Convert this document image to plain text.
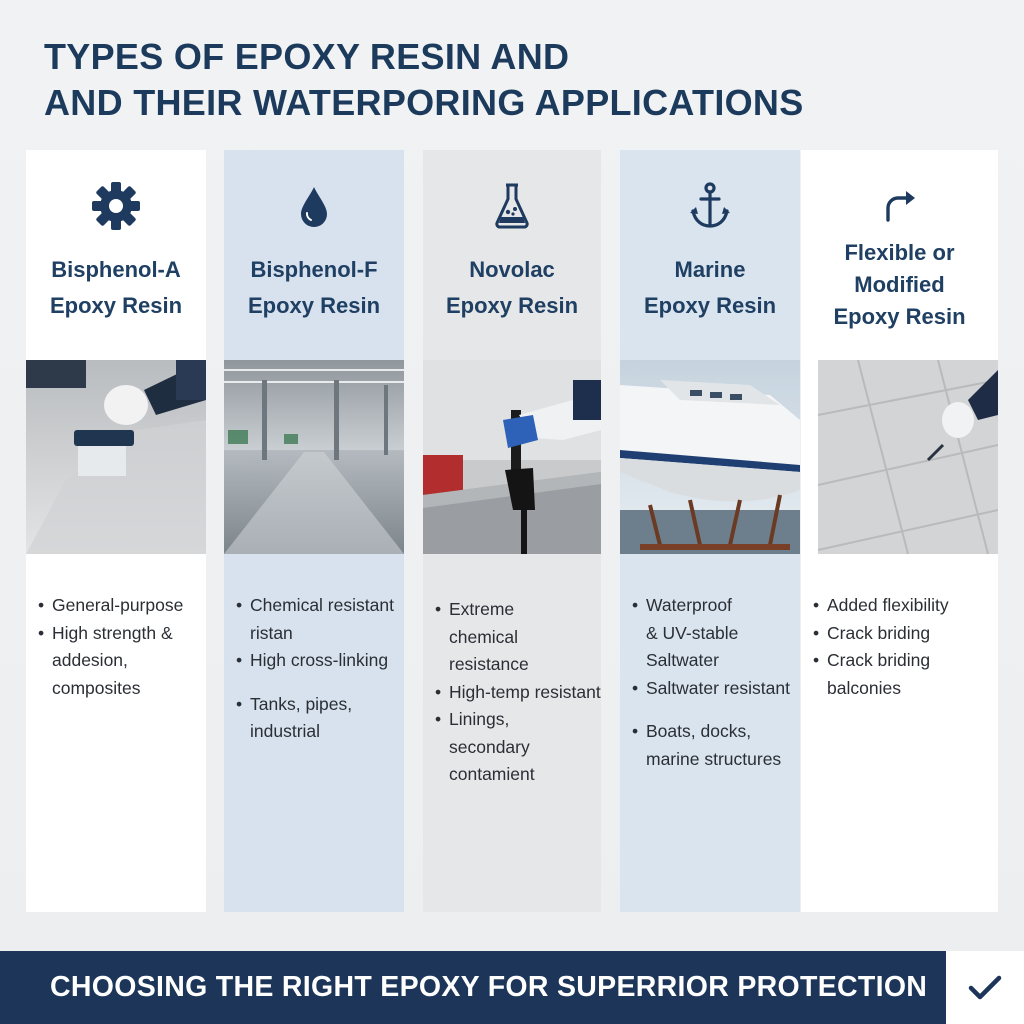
TYPES OF EPOXY RESIN AND
AND THEIR WATERPORING APPLICATIONS
Bisphenol-A
Epoxy Resin
• General-purpose
• High strength &
addesion,
composites
Bisphenol-F
Epoxy Resin
• Chemical resistant
ristan
• High cross-linking
• Tanks, pipes,
industrial
Novolac
Epoxy Resin
• Extreme
chemical
resistance
• High-temp resistant
• Linings,
secondary
contamient
Marine
Epoxy Resin
• Waterproof
& UV-stable
Saltwater
• Saltwater resistant
• Boats, docks,
marine structures
Flexible or
Modified
Epoxy Resin
• Added flexibility
• Crack briding
• Crack briding
balconies
CHOOSING THE RIGHT EPOXY FOR SUPERRIOR PROTECTION
